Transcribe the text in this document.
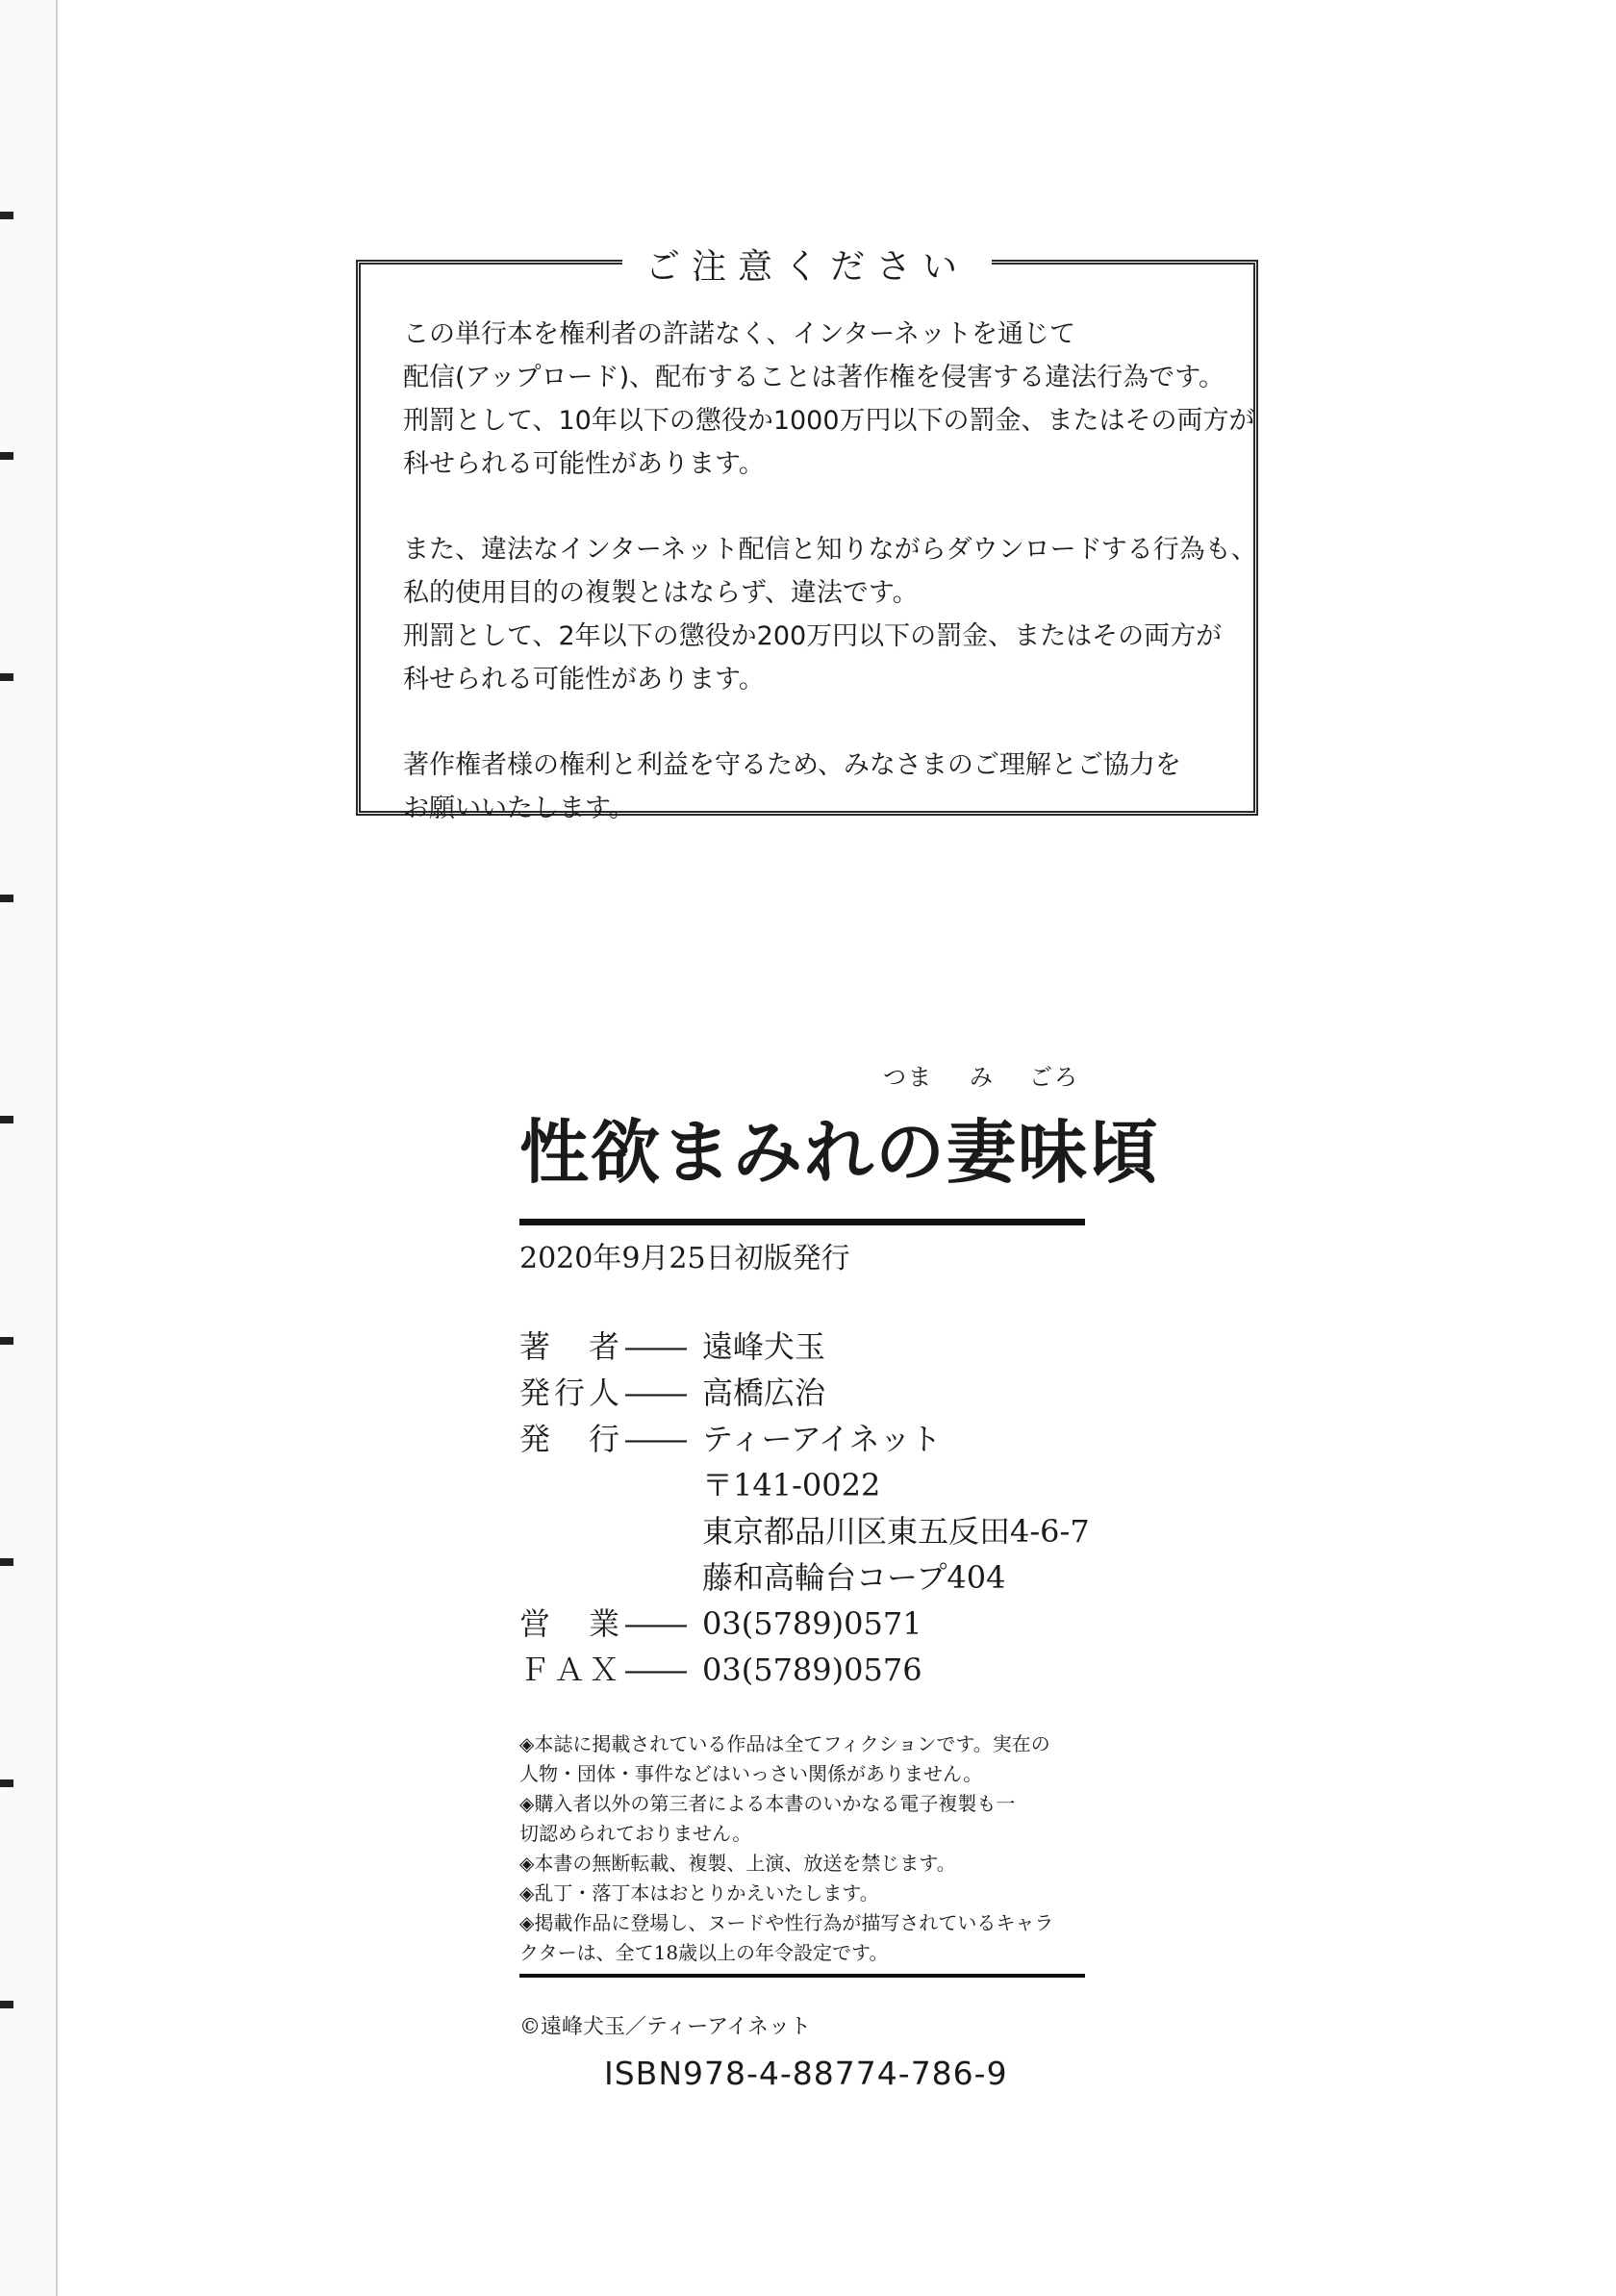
ご注意ください
この単行本を権利者の許諾なく、インターネットを通じて
配信(アップロード)、配布することは著作権を侵害する違法行為です。
刑罰として、10年以下の懲役か1000万円以下の罰金、またはその両方が
科せられる可能性があります。
また、違法なインターネット配信と知りながらダウンロードする行為も、
私的使用目的の複製とはならず、違法です。
刑罰として、2年以下の懲役か200万円以下の罰金、またはその両方が
科せられる可能性があります。
著作権者様の権利と利益を守るため、みなさまのご理解とご協力を
お願いいたします。
つま み ごろ
性欲まみれの妻味頃
2020年9月25日初版発行
著　者 ―― 遠峰犬玉
発行人 ―― 高橋広治
発　行 ―― ティーアイネット
〒141-0022
東京都品川区東五反田4-6-7
藤和高輪台コープ404
営　業 ―― 03(5789)0571
ＦＡＸ ―― 03(5789)0576
◈本誌に掲載されている作品は全てフィクションです。実在の
人物・団体・事件などはいっさい関係がありません。
◈購入者以外の第三者による本書のいかなる電子複製も一
切認められておりません。
◈本書の無断転載、複製、上演、放送を禁じます。
◈乱丁・落丁本はおとりかえいたします。
◈掲載作品に登場し、ヌードや性行為が描写されているキャラ
クターは、全て18歳以上の年令設定です。
©遠峰犬玉／ティーアイネット
ISBN978-4-88774-786-9
